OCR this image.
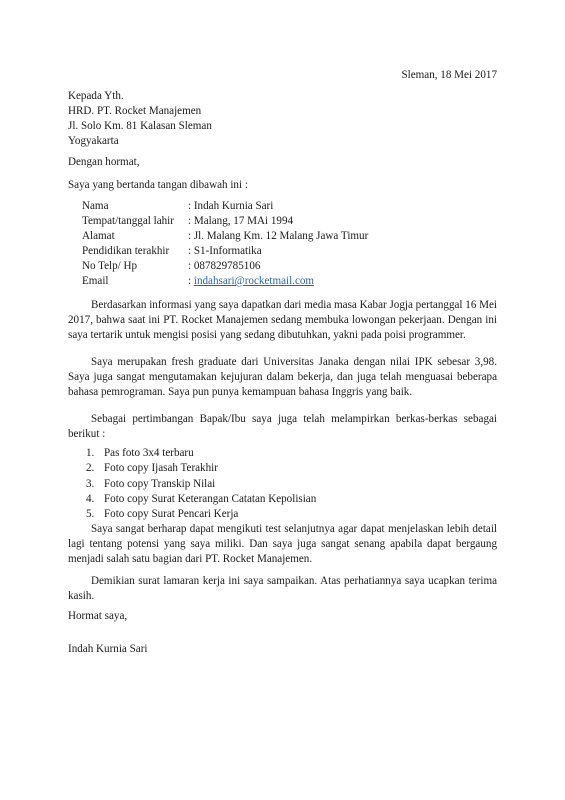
Sleman, 18 Mei 2017
Kepada Yth.
HRD. PT. Rocket Manajemen
Jl. Solo Km. 81 Kalasan Sleman
Yogyakarta
Dengan hormat,
Saya yang bertanda tangan dibawah ini :
Nama	: Indah Kurnia Sari
Tempat/tanggal lahir : Malang, 17 MAi 1994
Alamat	: Jl. Malang Km. 12 Malang Jawa Timur
Pendidikan terakhir : S1-Informatika
No Telp/ Hp	: 087829785106
Email	: indahsari@rocketmail.com
Berdasarkan informasi yang saya dapatkan dari media masa Kabar Jogja pertanggal 16 Mei 2017, bahwa saat ini PT. Rocket Manajemen sedang membuka lowongan pekerjaan. Dengan ini saya tertarik untuk mengisi posisi yang sedang dibutuhkan, yakni pada poisi programmer.
Saya merupakan fresh graduate dari Universitas Janaka dengan nilai IPK sebesar 3,98. Saya juga sangat mengutamakan kejujuran dalam bekerja, dan juga telah menguasai beberapa bahasa pemrograman. Saya pun punya kemampuan bahasa Inggris yang baik.
Sebagai pertimbangan Bapak/Ibu saya juga telah melampirkan berkas-berkas sebagai berikut :
1. Pas foto 3x4 terbaru
2. Foto copy Ijasah Terakhir
3. Foto copy Transkip Nilai
4. Foto copy Surat Keterangan Catatan Kepolisian
5. Foto copy Surat Pencari Kerja
Saya sangat berharap dapat mengikuti test selanjutnya agar dapat menjelaskan lebih detail lagi tentang potensi yang saya miliki. Dan saya juga sangat senang apabila dapat bergaung menjadi salah satu bagian dari PT. Rocket Manajemen.
Demikian surat lamaran kerja ini saya sampaikan. Atas perhatiannya saya ucapkan terima kasih.
Hormat saya,
Indah Kurnia Sari
